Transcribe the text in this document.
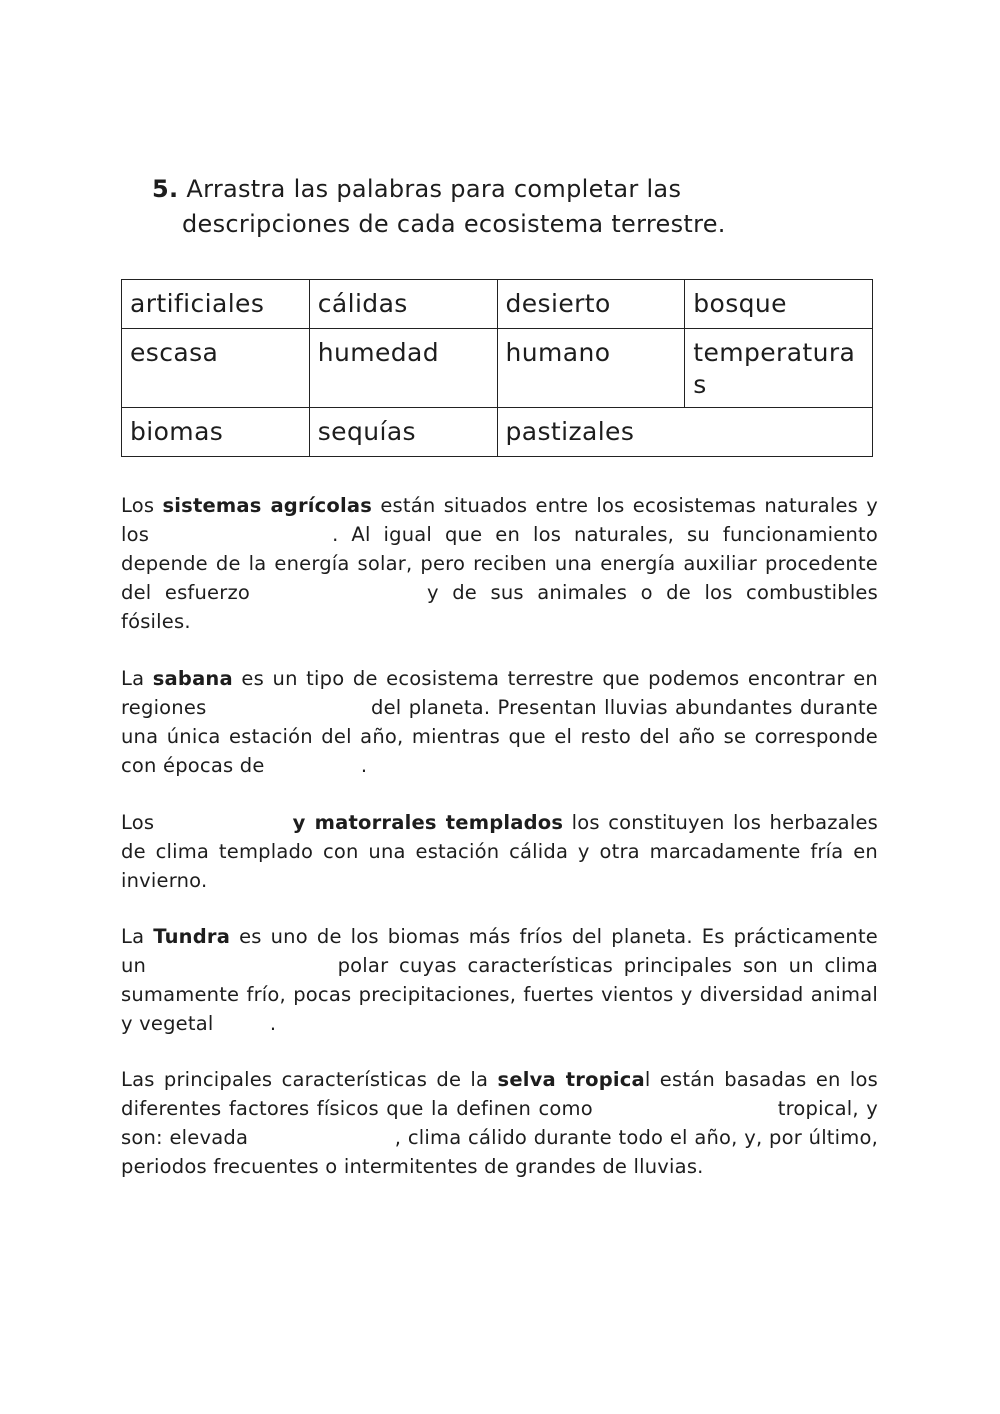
5. Arrastra las palabras para completar las
descripciones de cada ecosistema terrestre.
artificiales	cálidas	desierto	bosque
escasa	humedad	humano	temperaturas
biomas	sequías	pastizales	
Los sistemas agrícolas están situados entre los ecosistemas naturales y los	. Al igual que en los naturales, su funcionamiento depende de la energía solar, pero reciben una energía auxiliar procedente del esfuerzo	y de sus animales o de los combustibles fósiles.
La sabana es un tipo de ecosistema terrestre que podemos encontrar en regiones	del planeta. Presentan lluvias abundantes durante una única estación del año, mientras que el resto del año se corresponde con épocas de	.
Los	y matorrales templados los constituyen los herbazales de clima templado con una estación cálida y otra marcadamente fría en invierno.
La Tundra es uno de los biomas más fríos del planeta. Es prácticamente un	polar cuyas características principales son un clima sumamente frío, pocas precipitaciones, fuertes vientos y diversidad animal y vegetal	.
Las principales características de la selva tropical están basadas en los diferentes factores físicos que la definen como	tropical, y son: elevada	, clima cálido durante todo el año, y, por último, periodos frecuentes o intermitentes de grandes de lluvias.
